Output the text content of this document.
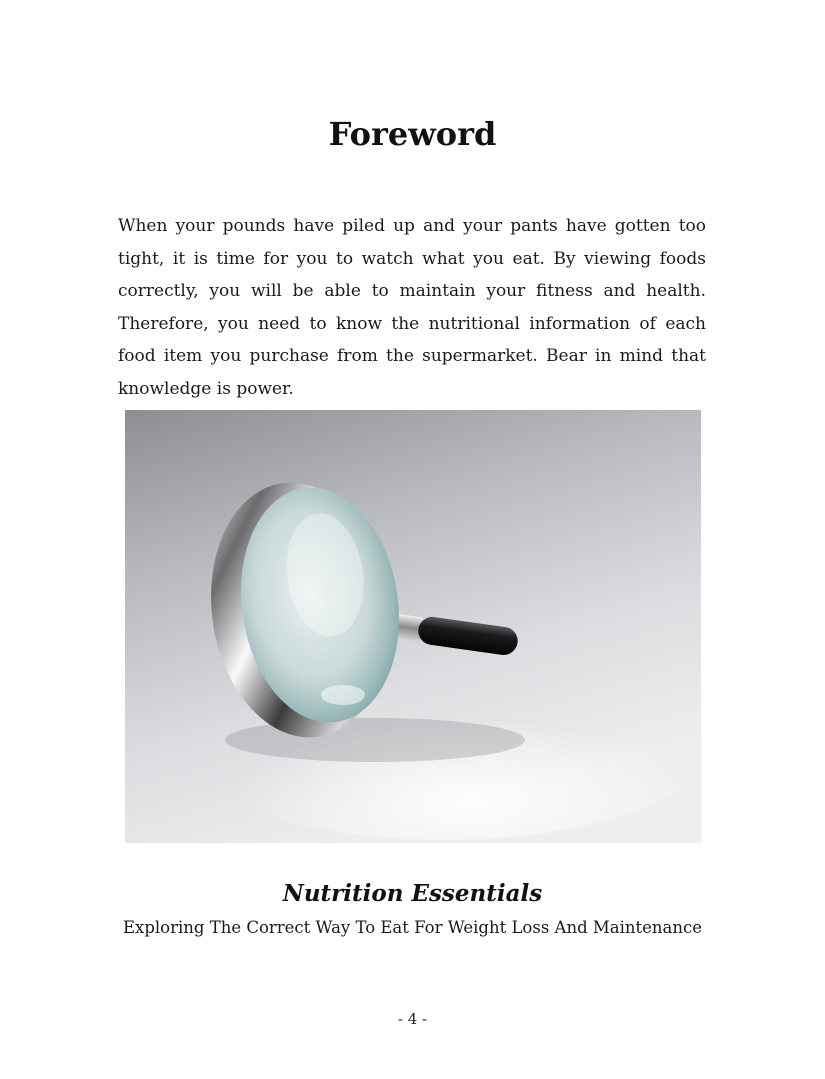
Foreword

When your pounds have piled up and your pants have gotten too tight, it is time for you to watch what you eat. By viewing foods correctly, you will be able to maintain your fitness and health. Therefore, you need to know the nutritional information of each food item you purchase from the supermarket. Bear in mind that knowledge is power.

Nutrition Essentials

Exploring The Correct Way To Eat For Weight Loss And Maintenance

- 4 -
